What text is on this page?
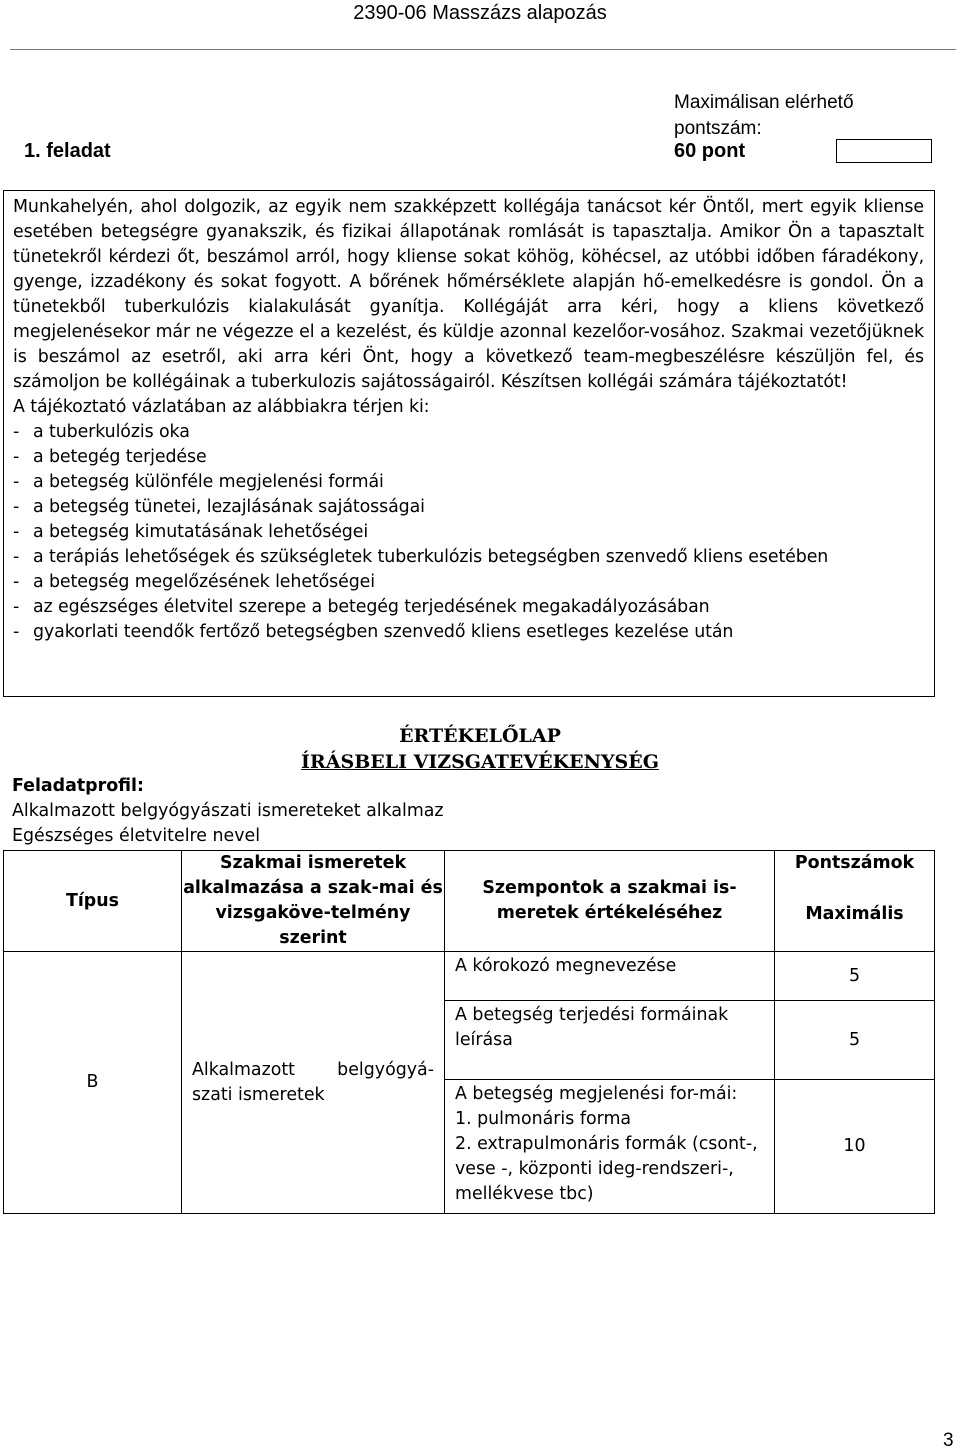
2390-06 Masszázs alapozás
Maximálisan elérhető pontszám:
1. feladat	60 pont

Munkahelyén, ahol dolgozik, az egyik nem szakképzett kollégája tanácsot kér Öntől, mert egyik kliense esetében betegségre gyanakszik, és fizikai állapotának romlását is tapasztalja. Amikor Ön a tapasztalt tünetekről kérdezi őt, beszámol arról, hogy kliense sokat köhög, köhécsel, az utóbbi időben fáradékony, gyenge, izzadékony és sokat fogyott. A bőrének hőmérséklete alapján hő-emelkedésre is gondol. Ön a tünetekből tuberkulózis kialakulását gyanítja. Kollégáját arra kéri, hogy a kliens következő megjelenésekor már ne végezze el a kezelést, és küldje azonnal kezelőor-vosához. Szakmai vezetőjüknek is beszámol az esetről, aki arra kéri Önt, hogy a következő team-megbeszélésre készüljön fel, és számoljon be kollégáinak a tuberkulozis sajátosságairól. Készítsen kollégái számára tájékoztatót!

A tájékoztató vázlatában az alábbiakra térjen ki:

- a tuberkulózis oka
- a betegég terjedése
- a betegség különféle megjelenési formái
- a betegség tünetei, lezajlásának sajátosságai
- a betegség kimutatásának lehetőségei
- a terápiás lehetőségek és szükségletek tuberkulózis betegségben szenvedő kliens esetében
- a betegség megelőzésének lehetőségei
- az egészséges életvitel szerepe a betegég terjedésének megakadályozásában
- gyakorlati teendők fertőző betegségben szenvedő kliens esetleges kezelése után
ÉRTÉKELŐLAP
ÍRÁSBELI VIZSGATEVÉKENYSÉG
Feladatprofil:
Alkalmazott belgyógyászati ismereteket alkalmaz
Egészséges életvitelre nevel
Típus	Szakmai ismeretek alkalmazása a szak-mai és vizsgaköve-telmény szerint	Szempontok a szakmai is-meretek értékeléséhez	Pontszámok
Maximális

B	Alkalmazott belgyógyá-szati ismeretek	A kórokozó megnevezése	5
		A betegség terjedési formáinak leírása	5

		A betegség megjelenési for-mái:
1. pulmonáris forma
2. extrapulmonáris formák (csont-, vese -, központi ideg-rendszeri-, mellékvese tbc)	10
3
